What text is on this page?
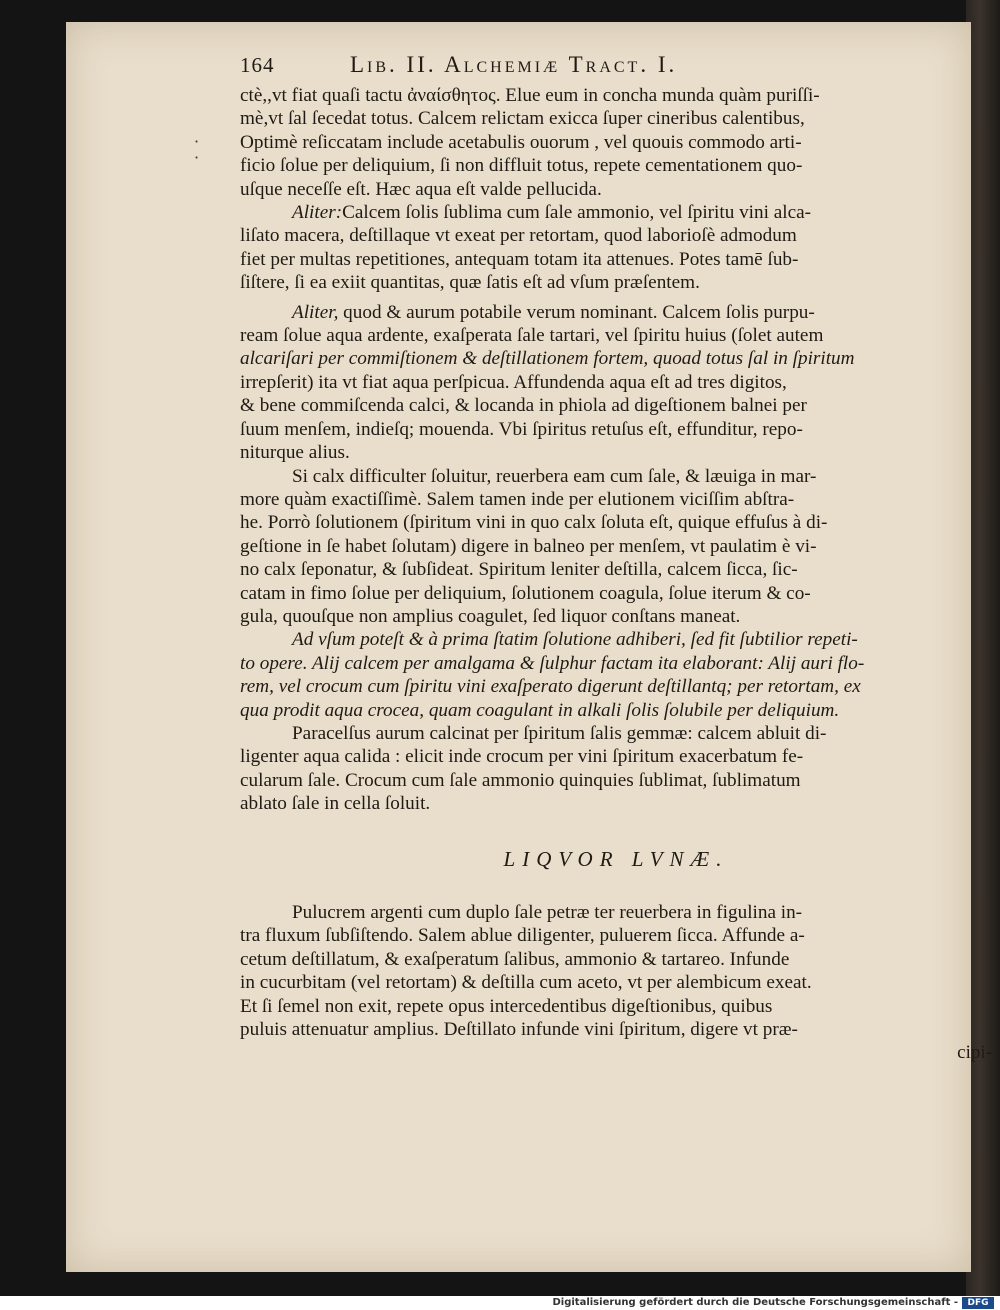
·
·
164	Lib. II. Alchemiæ Tract. I.

ctè,,vt fiat quaſi tactu ἀναίσθητος. Elue eum in concha munda quàm puriſſi-
mè,vt ſal ſecedat totus. Calcem relictam exicca ſuper cineribus calentibus,
Optimè reſiccatam include acetabulis ouorum , vel quouis commodo arti-
ficio ſolue per deliquium, ſi non diffluit totus, repete cementationem quo-
uſque neceſſe eſt. Hæc aqua eſt valde pellucida.

Aliter:Calcem ſolis ſublima cum ſale ammonio, vel ſpiritu vini alca-
liſato macera, deſtillaque vt exeat per retortam, quod laborioſè admodum
fiet per multas repetitiones, antequam totam ita attenues. Potes tamē ſub-
ſiſtere, ſi ea exiit quantitas, quæ ſatis eſt ad vſum præſentem.

Aliter, quod & aurum potabile verum nominant. Calcem ſolis purpu-
ream ſolue aqua ardente, exaſperata ſale tartari, vel ſpiritu huius (ſolet autem
alcariſari per commiſtionem & deſtillationem fortem, quoad totus ſal in ſpiritum
irrepſerit) ita vt fiat aqua perſpicua. Affundenda aqua eſt ad tres digitos,
& bene commiſcenda calci, & locanda in phiola ad digeſtionem balnei per
ſuum menſem, indieſq; mouenda. Vbi ſpiritus retuſus eſt, effunditur, repo-
niturque alius.

Si calx difficulter ſoluitur, reuerbera eam cum ſale, & læuiga in mar-
more quàm exactiſſimè. Salem tamen inde per elutionem viciſſim abſtra-
he. Porrò ſolutionem (ſpiritum vini in quo calx ſoluta eſt, quique effuſus à di-
geſtione in ſe habet ſolutam) digere in balneo per menſem, vt paulatim è vi-
no calx ſeponatur, & ſubſideat. Spiritum leniter deſtilla, calcem ſicca, ſic-
catam in fimo ſolue per deliquium, ſolutionem coagula, ſolue iterum & co-
gula, quouſque non amplius coagulet, ſed liquor conſtans maneat.

Ad vſum poteſt & à prima ſtatim ſolutione adhiberi, ſed fit ſubtilior repeti-
to opere. Alij calcem per amalgama & ſulphur factam ita elaborant: Alij auri flo-
rem, vel crocum cum ſpiritu vini exaſperato digerunt deſtillantq; per retortam, ex
qua prodit aqua crocea, quam coagulant in alkali ſolis ſolubile per deliquium.

Paracelſus aurum calcinat per ſpiritum ſalis gemmæ: calcem abluit di-
ligenter aqua calida : elicit inde crocum per vini ſpiritum exacerbatum fe-
cularum ſale. Crocum cum ſale ammonio quinquies ſublimat, ſublimatum
ablato ſale in cella ſoluit.

LIQVOR LVNÆ.

Pulucrem argenti cum duplo ſale petræ ter reuerbera in figulina in-
tra fluxum ſubſiſtendo. Salem ablue diligenter, puluerem ſicca. Affunde a-
cetum deſtillatum, & exaſperatum ſalibus, ammonio & tartareo. Infunde
in cucurbitam (vel retortam) & deſtilla cum aceto, vt per alembicum exeat.
Et ſi ſemel non exit, repete opus intercedentibus digeſtionibus, quibus
puluis attenuatur amplius. Deſtillato infunde vini ſpiritum, digere vt præ-

cipi-
Digitalisierung gefördert durch die Deutsche Forschungsgemeinschaft -	DFG
